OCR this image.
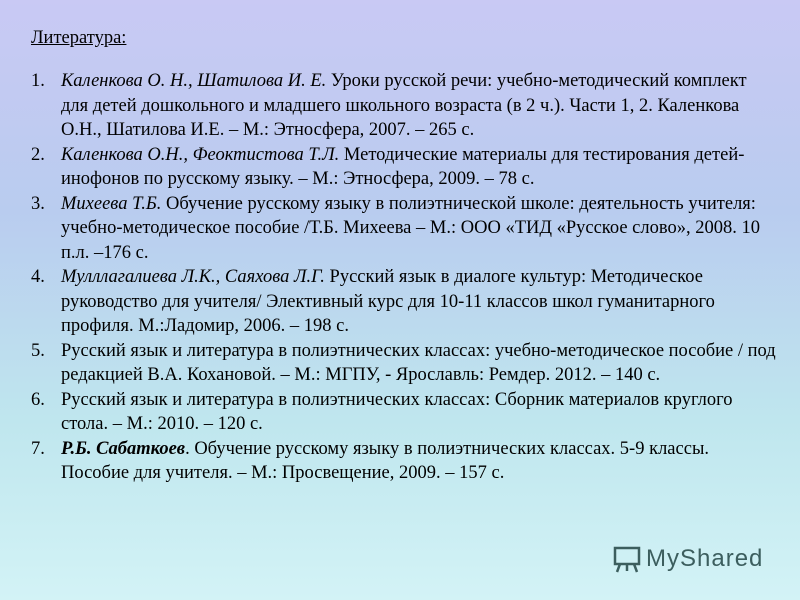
Литература:
1. Каленкова О. Н., Шатилова И. Е. Уроки русской речи: учебно-методический комплект для детей дошкольного и младшего школьного возраста (в 2 ч.). Части 1, 2. Каленкова О.Н., Шатилова И.Е. – М.: Этносфера, 2007. – 265 с.
2. Каленкова О.Н., Феоктистова Т.Л. Методические материалы для тестирования детей-инофонов по русскому языку. – М.: Этносфера, 2009. – 78 с.
3. Михеева Т.Б. Обучение русскому языку в полиэтнической школе: деятельность учителя: учебно-методическое пособие /Т.Б. Михеева – М.: ООО «ТИД «Русское слово», 2008. 10 п.л. –176 с.
4. Мулллагалиева Л.К., Саяхова Л.Г. Русский язык в диалоге культур: Методическое руководство для учителя/ Элективный курс для 10-11 классов школ гуманитарного профиля. М.:Ладомир, 2006. – 198 с.
5. Русский язык и литература в полиэтнических классах: учебно-методическое пособие / под редакцией В.А. Кохановой. – М.: МГПУ, - Ярославль: Ремдер. 2012. – 140 с.
6. Русский язык и литература в полиэтнических классах: Сборник материалов круглого стола. – М.: 2010. – 120 с.
7. Р.Б. Сабаткоев. Обучение русскому языку в полиэтнических классах. 5-9 классы. Пособие для учителя. – М.: Просвещение, 2009. – 157 с.
MyShared
